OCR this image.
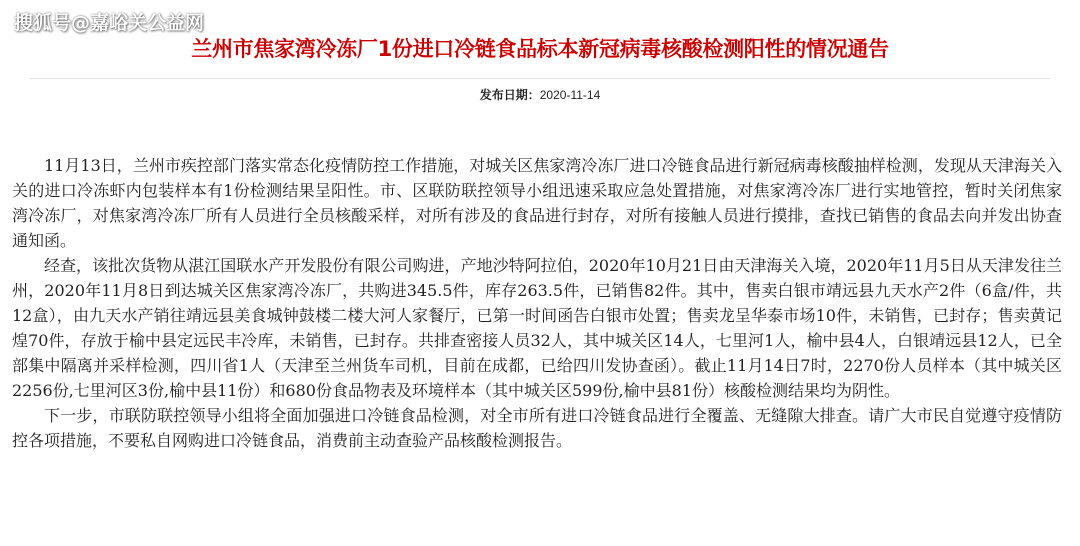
搜狐号@嘉峪关公益网
兰州市焦家湾冷冻厂1份进口冷链食品标本新冠病毒核酸检测阳性的情况通告
发布日期：2020-11-14

11月13日，兰州市疾控部门落实常态化疫情防控工作措施，对城关区焦家湾冷冻厂进口冷链食品进行新冠病毒核酸抽样检测，发现从天津海关入关的进口冷冻虾内包装样本有1份检测结果呈阳性。市、区联防联控领导小组迅速采取应急处置措施，对焦家湾冷冻厂进行实地管控，暂时关闭焦家湾冷冻厂，对焦家湾冷冻厂所有人员进行全员核酸采样，对所有涉及的食品进行封存，对所有接触人员进行摸排，查找已销售的食品去向并发出协查通知函。

经查，该批次货物从湛江国联水产开发股份有限公司购进，产地沙特阿拉伯，2020年10月21日由天津海关入境，2020年11月5日从天津发往兰州，2020年11月8日到达城关区焦家湾冷冻厂，共购进345.5件，库存263.5件，已销售82件。其中，售卖白银市靖远县九天水产2件（6盒/件，共12盒），由九天水产销往靖远县美食城钟鼓楼二楼大河人家餐厅，已第一时间函告白银市处置；售卖龙呈华泰市场10件，未销售，已封存；售卖黄记煌70件，存放于榆中县定远民丰冷库，未销售，已封存。共排查密接人员32人，其中城关区14人，七里河1人，榆中县4人，白银靖远县12人，已全部集中隔离并采样检测，四川省1人（天津至兰州货车司机，目前在成都，已给四川发协查函）。截止11月14日7时，2270份人员样本（其中城关区2256份,七里河区3份,榆中县11份）和680份食品物表及环境样本（其中城关区599份,榆中县81份）核酸检测结果均为阴性。

下一步，市联防联控领导小组将全面加强进口冷链食品检测，对全市所有进口冷链食品进行全覆盖、无缝隙大排查。请广大市民自觉遵守疫情防控各项措施，不要私自网购进口冷链食品，消费前主动查验产品核酸检测报告。
